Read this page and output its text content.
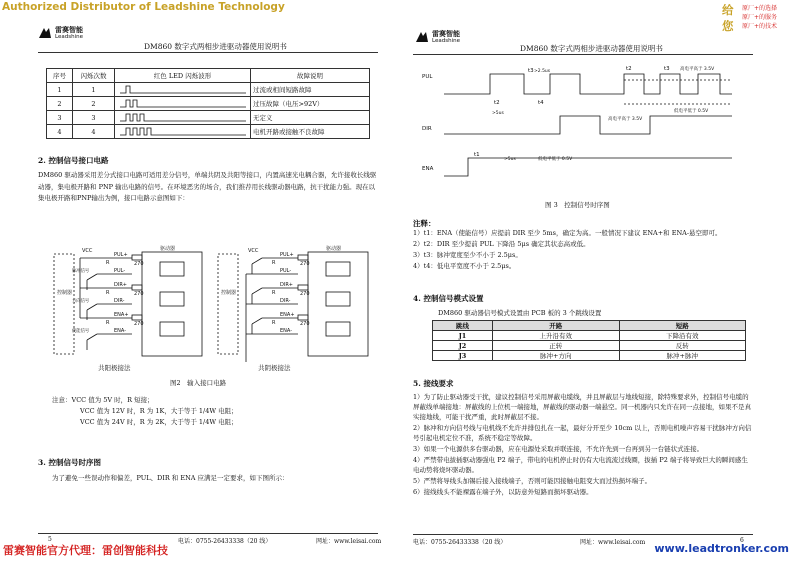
Authorized Distributor of Leadshine Technology	给
您
原厂+的选择
原厂+的服务
原厂+的技术
雷赛智能
Leadshine
DM860 数字式两相步进驱动器使用说明书
序号	闪烁次数	红色 LED 闪烁波形	故障说明
1	1		过流或相间短路故障
2	2		过压故障（电压>92V）
3	3		无定义
4	4		电机开路或接触不良故障
2. 控制信号接口电路
DM860 驱动器采用差分式接口电路可适用差分信号，单端共阴及共阳等接口，内置高速光电耦合器，允许接收长线驱动器，集电极开路和 PNP 输出电路的信号。在环境恶劣的场合，我们推荐用长线驱动器电路，抗干扰能力强。现在以集电极开路和PNP输出为例，接口电路示意图如下：
VCC	VCC
驱动器	驱动器
控制器	控制器
脉冲信号
方向信号
使能信号
PUL+
PUL-
DIR+
DIR-
ENA+
ENA-
PUL+
PUL-
DIR+
DIR-
ENA+
ENA-
270
270
270
270
270
270
R
R
R
R
R
R
共阳极接法	共阴极接法
图2　输入接口电路
注意：VCC 值为 5V 时，R 短接；
VCC 值为 12V 时，R 为 1K，大于等于 1/4W 电阻；
VCC 值为 24V 时，R 为 2K，大于等于 1/4W 电阻；
3. 控制信号时序图
为了避免一些误动作和偏差，PUL、DIR 和 ENA 应满足一定要求，如下图所示：
5	电话：0755-26433338（20 线）	网址：www.leisai.com
雷赛智能
Leadshine
DM860 数字式两相步进驱动器使用说明书
PUL
DIR
ENA
t3
t2	t4
t1
t2	t3
>5us
>5us
>2.5us	高电平高于 3.5V
低电平低于 0.5V
高电平高于 3.5V
低电平低于 0.5V
图 3　控制信号时序图
注释：
1）t1：ENA（使能信号）应提前 DIR 至少 5ms，确定为高。一般情况下建议 ENA+和 ENA-悬空即可。
2）t2：DIR 至少提前 PUL 下降沿 5μs 确定其状态高或低。
3）t3：脉冲宽度至少不小于 2.5μs。
4）t4：低电平宽度不小于 2.5μs。
4. 控制信号模式设置
DM860 驱动器信号模式设置由 PCB 板的 3 个跳线设置
跳线	开路	短路
J1	上升沿有效	下降沿有效
J2	正转	反转
J3	脉冲+方向	脉冲+脉冲
5. 接线要求
1）为了防止驱动器受干扰，建议控制信号采用屏蔽电缆线，并且屏蔽层与地线短接，除特殊要求外，控制信号电缆的屏蔽线单端接地：屏蔽线的上位机一端接地，屏蔽线的驱动器一端悬空。同一机器内只允许在同一点接地，如果不是真实接地线，可能干扰严重，此时屏蔽层不接。
2）脉冲和方向信号线与电机线不允许并排包扎在一起，最好分开至少 10cm 以上，否则电机噪声容易干扰脉冲方向信号引起电机定位不准，系统不稳定等故障。
3）如果一个电源供多台驱动器，应在电源处采取并联连接，不允许先到一台再到另一台链状式连接。
4）严禁带电拔插驱动器强电 P2 端子，带电的电机停止时仍有大电流流过线圈，拔插 P2 端子将导致巨大的瞬间感生电动势将烧坏驱动器。
5）严禁将导线头加锡后接入接线端子，否则可能因接触电阻变大而过热损坏端子。
6）接线线头不能裸露在端子外，以防意外短路而损坏驱动器。
电话：0755-26433338（20 线）	网址：www.leisai.com	6
雷赛智能官方代理：雷创智能科技	www.leadtronker.com
